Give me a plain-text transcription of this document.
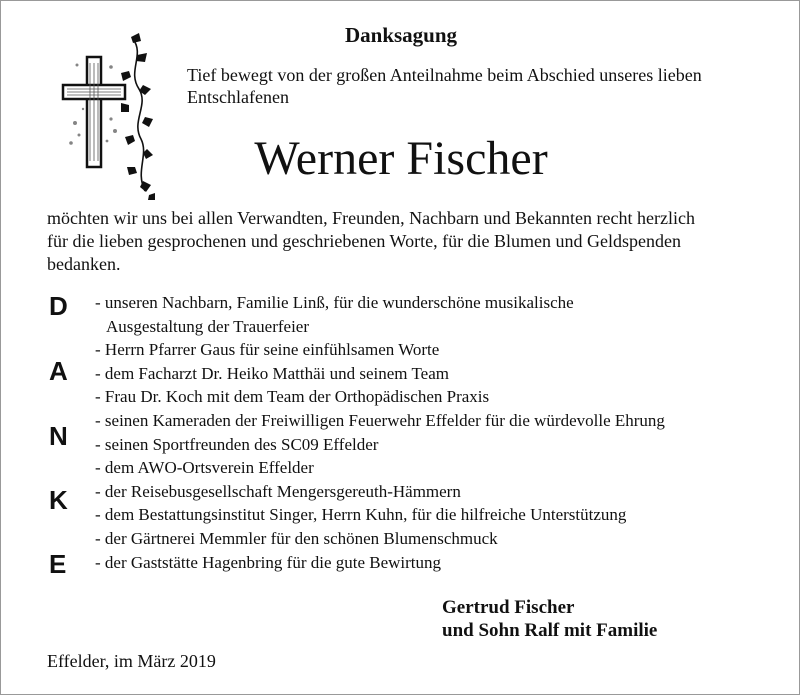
Danksagung
Tief bewegt von der großen Anteilnahme beim Abschied unseres lieben
Entschlafenen
Werner Fischer
möchten wir uns bei allen Verwandten, Freunden, Nachbarn und Bekannten recht herzlich
für die lieben gesprochenen und geschriebenen Worte, für die Blumen und Geldspenden
bedanken.
D
A
N
K
E
- unseren Nachbarn, Familie Linß, für die wunderschöne musikalische
Ausgestaltung der Trauerfeier
- Herrn Pfarrer Gaus für seine einfühlsamen Worte
- dem Facharzt Dr. Heiko Matthäi und seinem Team
- Frau Dr. Koch mit dem Team der Orthopädischen Praxis
- seinen Kameraden der Freiwilligen Feuerwehr Effelder für die würdevolle Ehrung
- seinen Sportfreunden des SC09 Effelder
- dem AWO-Ortsverein Effelder
- der Reisebusgesellschaft Mengersgereuth-Hämmern
- dem Bestattungsinstitut Singer, Herrn Kuhn, für die hilfreiche Unterstützung
- der Gärtnerei Memmler für den schönen Blumenschmuck
- der Gaststätte Hagenbring für die gute Bewirtung
Gertrud Fischer
und Sohn Ralf mit Familie
Effelder, im März 2019
